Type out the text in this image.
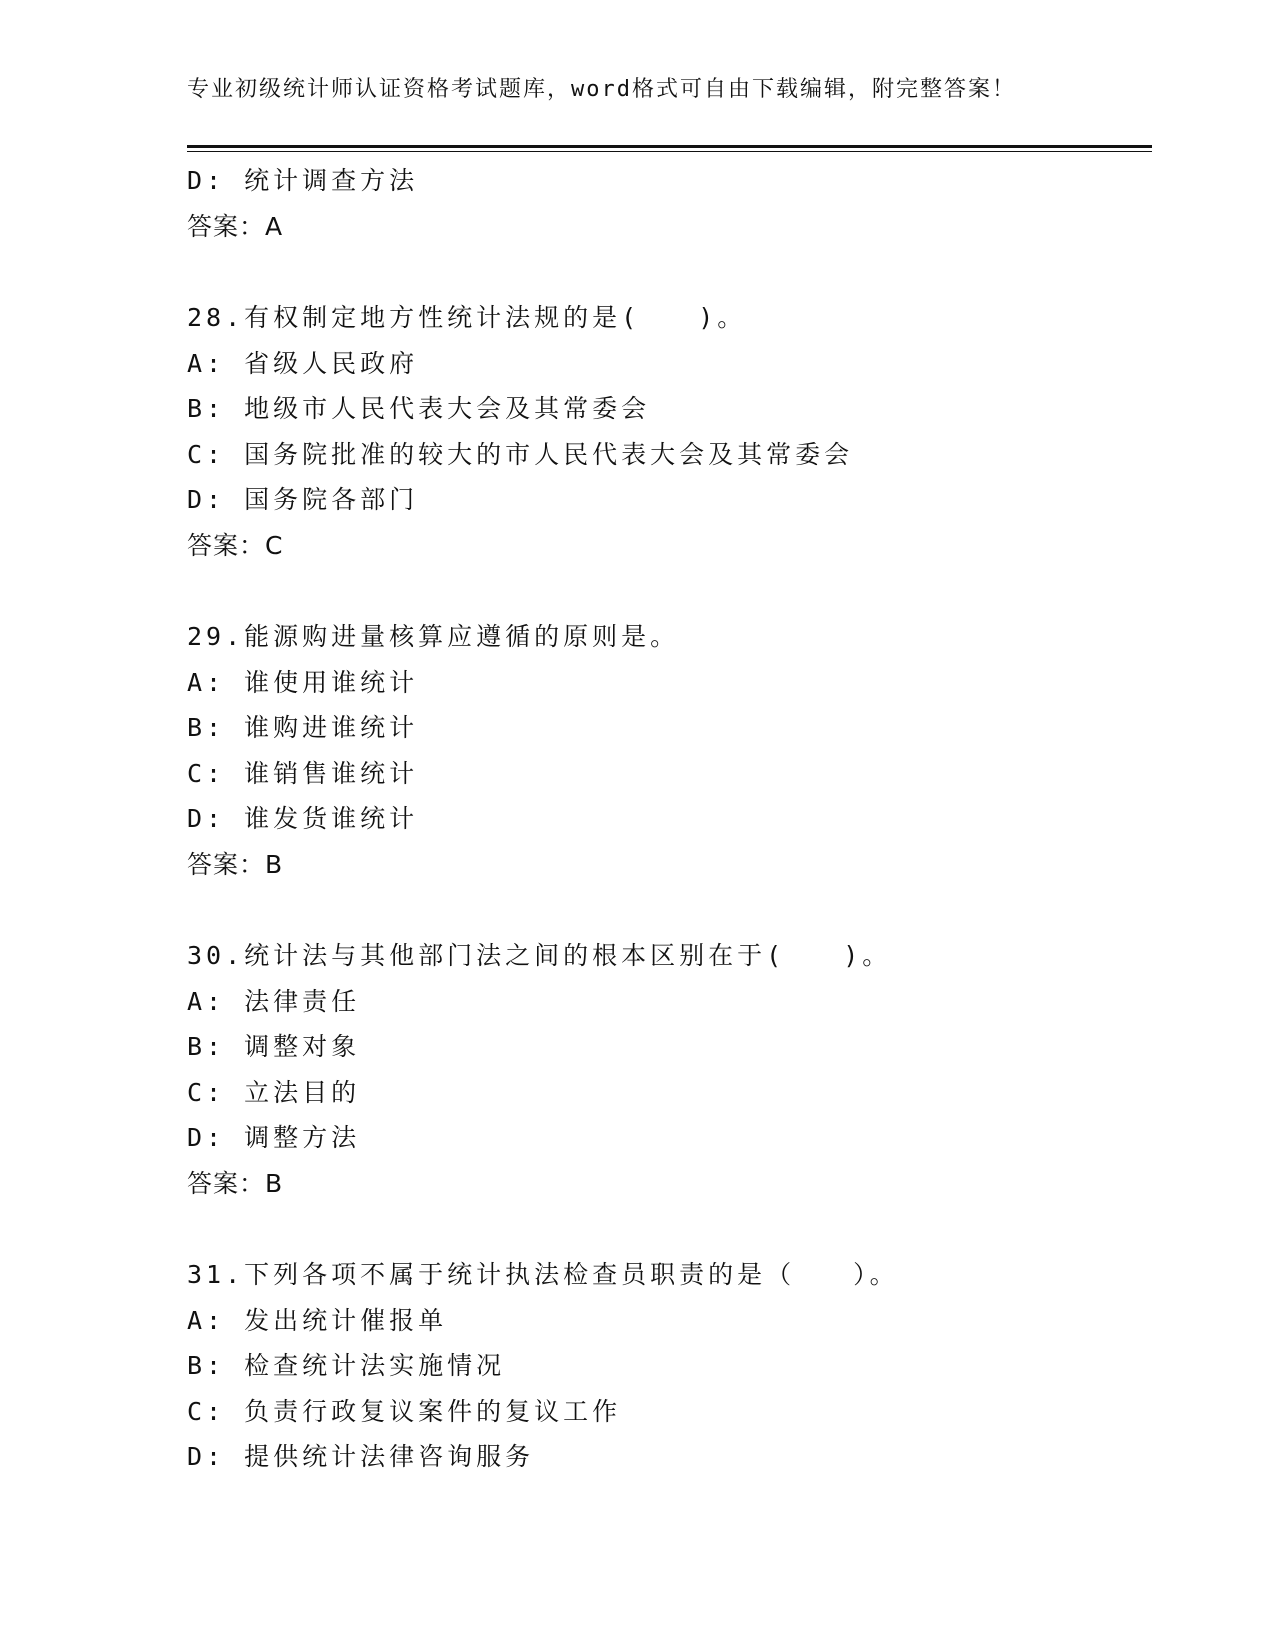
专业初级统计师认证资格考试题库，word格式可自由下载编辑，附完整答案！
D: 统计调查方法
答案：A
28.有权制定地方性统计法规的是(　　)。
A: 省级人民政府
B: 地级市人民代表大会及其常委会
C: 国务院批准的较大的市人民代表大会及其常委会
D: 国务院各部门
答案：C
29.能源购进量核算应遵循的原则是。
A: 谁使用谁统计
B: 谁购进谁统计
C: 谁销售谁统计
D: 谁发货谁统计
答案：B
30.统计法与其他部门法之间的根本区别在于(　　)。
A: 法律责任
B: 调整对象
C: 立法目的
D: 调整方法
答案：B
31.下列各项不属于统计执法检查员职责的是（　　）。
A: 发出统计催报单
B: 检查统计法实施情况
C: 负责行政复议案件的复议工作
D: 提供统计法律咨询服务
